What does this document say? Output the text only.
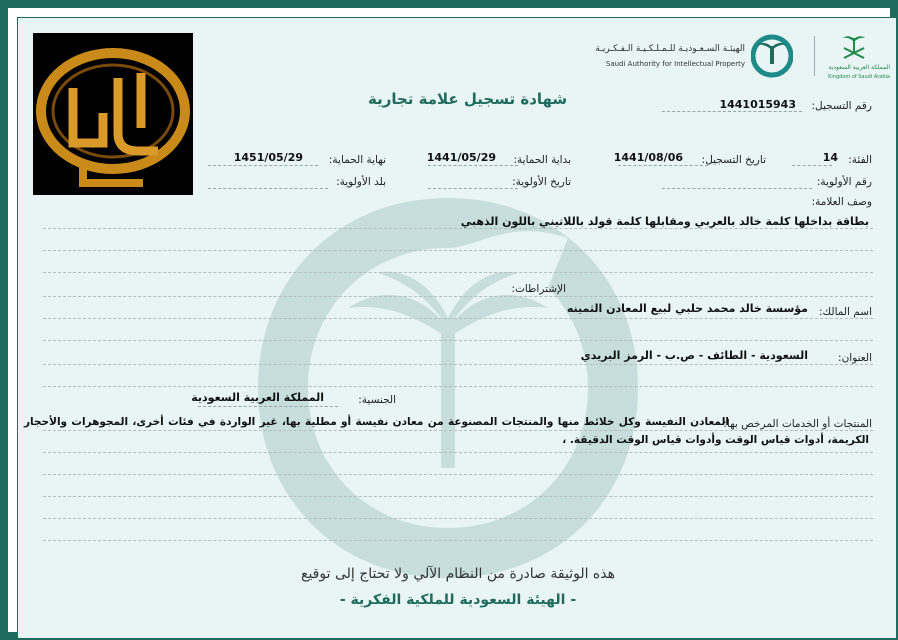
الهيئـة السـعـوديـة للـمـلـكـيـة الـفـكـريـة
Saudi Authority for Intellectual Property	المملكة العربية السعودية
Kingdom of Saudi Arabia
شهادة تسجيل علامة تجارية	رقم التسجيل:
1441015943
الفئة:
14
تاريخ التسجيل:
1441/08/06
بداية الحماية:
1441/05/29
نهاية الحماية:
1451/05/29
رقم الأولوية:
تاريخ الأولوية:
بلد الأولوية:
وصف العلامة:
بطاقة بداخلها كلمة خالد بالعربي ومقابلها كلمة قولد باللاتيني باللون الذهبي
الإشتراطات:
اسم المالك:
مؤسسة خالد محمد حلبي لبيع المعادن الثمينه
العنوان:
السعودية - الطائف - ص.ب - الرمز البريدي
الجنسية:
المملكة العربية السعودية
المنتجات أو الخدمات المرخص بها:
المعادن النفيسة وكل خلائط منها والمنتجات المصنوعة من معادن نفيسة أو مطلية بها، غير الواردة في فئات أخرى، المجوهرات والأحجار الكريمة، أدوات قياس الوقت وأدوات قياس الوقت الدقيقة. ،
هذه الوثيقة صادرة من النظام الآلي ولا تحتاج إلى توقيع
- الهيئة السعودية للملكية الفكرية -
